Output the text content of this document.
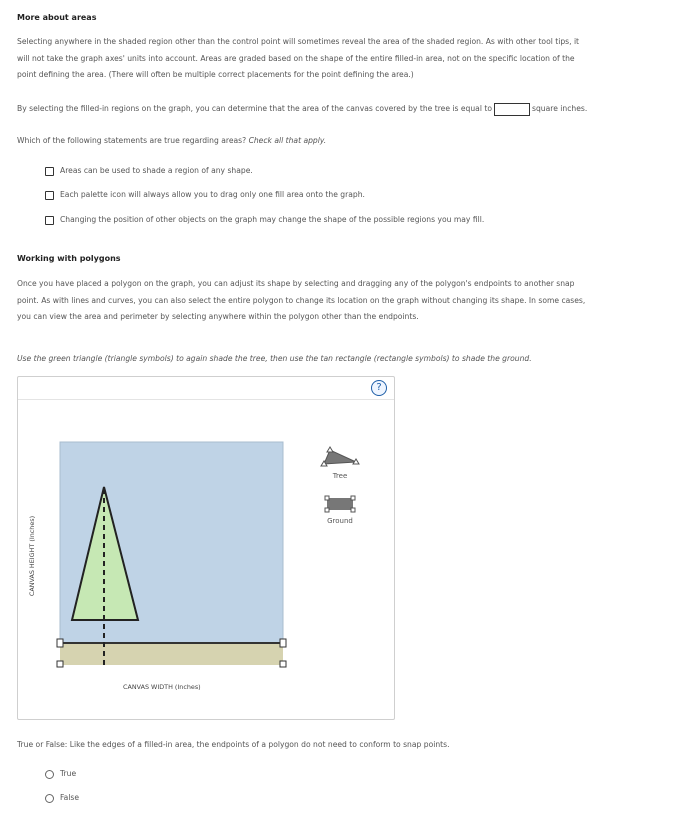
More about areas
Selecting anywhere in the shaded region other than the control point will sometimes reveal the area of the shaded region. As with other tool tips, it
will not take the graph axes' units into account. Areas are graded based on the shape of the entire filled-in area, not on the specific location of the
point defining the area. (There will often be multiple correct placements for the point defining the area.)
By selecting the filled-in regions on the graph, you can determine that the area of the canvas covered by the tree is equal to	square inches.
Which of the following statements are true regarding areas? Check all that apply.
Areas can be used to shade a region of any shape.
Each palette icon will always allow you to drag only one fill area onto the graph.
Changing the position of other objects on the graph may change the shape of the possible regions you may fill.
Working with polygons
Once you have placed a polygon on the graph, you can adjust its shape by selecting and dragging any of the polygon's endpoints to another snap
point. As with lines and curves, you can also select the entire polygon to change its location on the graph without changing its shape. In some cases,
you can view the area and perimeter by selecting anywhere within the polygon other than the endpoints.
Use the green triangle (triangle symbols) to again shade the tree, then use the tan rectangle (rectangle symbols) to shade the ground.
?
CANVAS HEIGHT (Inches)
CANVAS WIDTH (Inches)
Tree
Ground
True or False: Like the edges of a filled-in area, the endpoints of a polygon do not need to conform to snap points.
True
False
